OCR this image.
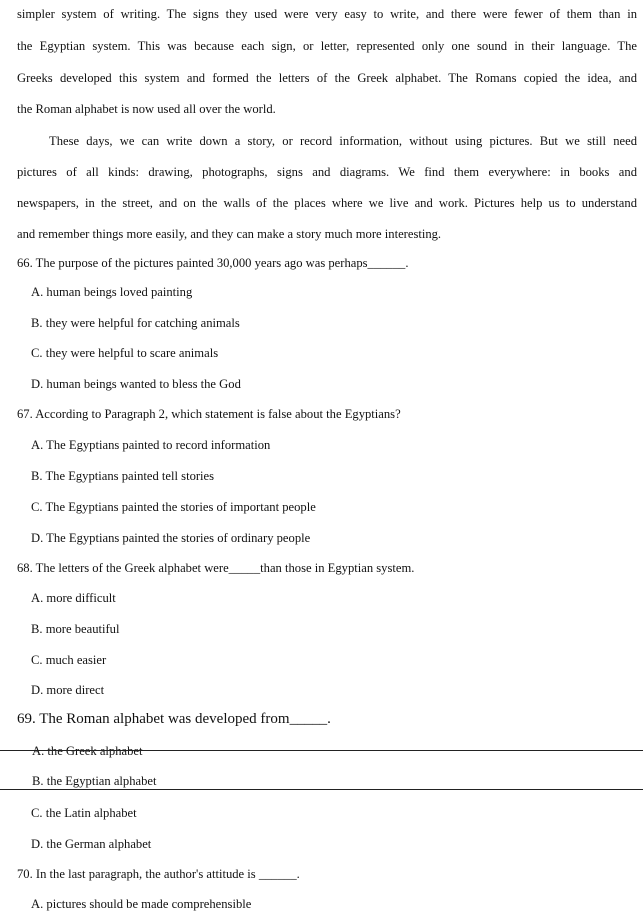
simpler system of writing. The signs they used were very easy to write, and there were fewer of them than in
the Egyptian system. This was because each sign, or letter, represented only one sound in their language. The
Greeks developed this system and formed the letters of the Greek alphabet. The Romans copied the idea, and
the Roman alphabet is now used all over the world.
These days, we can write down a story, or record information, without using pictures. But we still need
pictures of all kinds: drawing, photographs, signs and diagrams. We find them everywhere: in books and
newspapers, in the street, and on the walls of the places where we live and work. Pictures help us to understand
and remember things more easily, and they can make a story much more interesting.
66. The purpose of the pictures painted 30,000 years ago was perhaps______.
A. human beings loved painting
B. they were helpful for catching animals
C. they were helpful to scare animals
D. human beings wanted to bless the God
67. According to Paragraph 2, which statement is false about the Egyptians?
A. The Egyptians painted to record information
B. The Egyptians painted tell stories
C. The Egyptians painted the stories of important people
D. The Egyptians painted the stories of ordinary people
68. The letters of the Greek alphabet were_____than those in Egyptian system.
A. more difficult
B. more beautiful
C. much easier
D. more direct
69. The Roman alphabet was developed from_____.
A. the Greek alphabet
B. the Egyptian alphabet
C. the Latin alphabet
D. the German alphabet
70. In the last paragraph, the author's attitude is ______.
A. pictures should be made comprehensible
